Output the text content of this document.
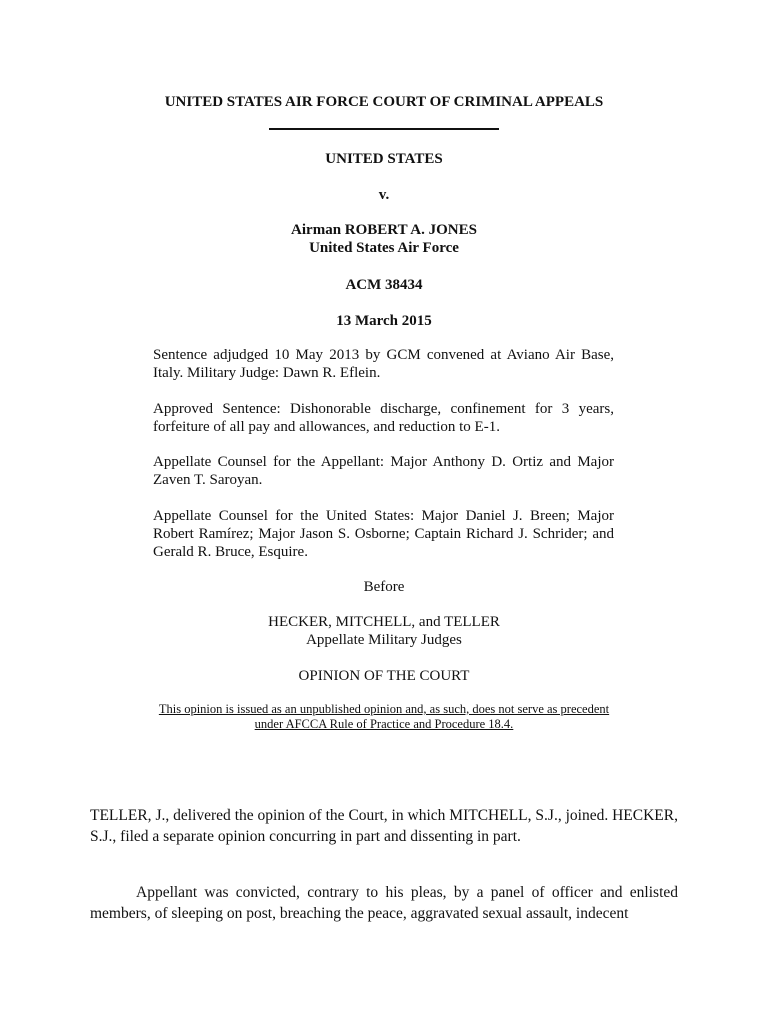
UNITED STATES AIR FORCE COURT OF CRIMINAL APPEALS

UNITED STATES

v.

Airman ROBERT A. JONES

United States Air Force

ACM 38434

13 March 2015

Sentence adjudged 10 May 2013 by GCM convened at Aviano Air Base, Italy. Military Judge: Dawn R. Eflein.

Approved Sentence: Dishonorable discharge, confinement for 3 years, forfeiture of all pay and allowances, and reduction to E-1.

Appellate Counsel for the Appellant: Major Anthony D. Ortiz and Major Zaven T. Saroyan.

Appellate Counsel for the United States: Major Daniel J. Breen; Major Robert Ramírez; Major Jason S. Osborne; Captain Richard J. Schrider; and Gerald R. Bruce, Esquire.

Before

HECKER, MITCHELL, and TELLER

Appellate Military Judges

OPINION OF THE COURT

This opinion is issued as an unpublished opinion and, as such, does not serve as precedent
under AFCCA Rule of Practice and Procedure 18.4.

TELLER, J., delivered the opinion of the Court, in which MITCHELL, S.J., joined. HECKER, S.J., filed a separate opinion concurring in part and dissenting in part.

Appellant was convicted, contrary to his pleas, by a panel of officer and enlisted members, of sleeping on post, breaching the peace, aggravated sexual assault, indecent
